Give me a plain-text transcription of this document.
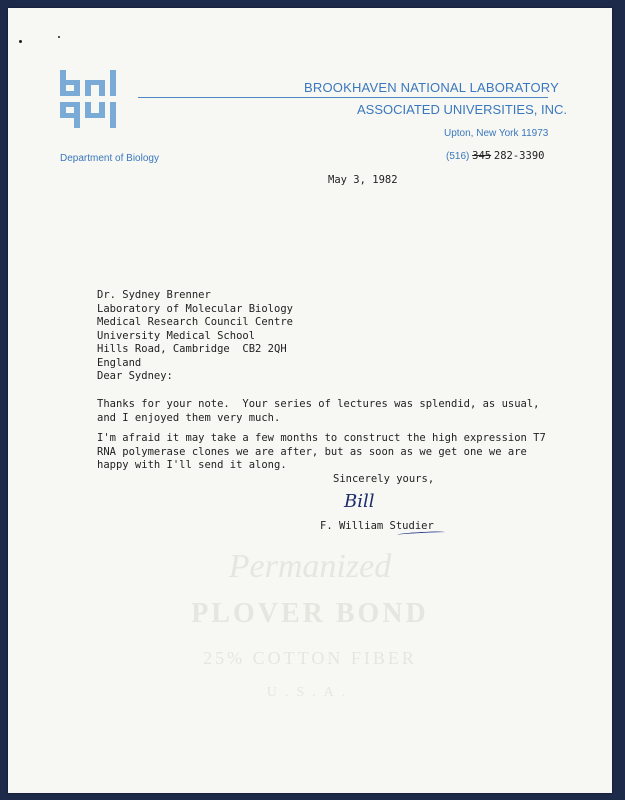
BROOKHAVEN NATIONAL LABORATORY
ASSOCIATED UNIVERSITIES, INC.
Upton, New York 11973
Department of Biology	(516) 345 282-3390
May 3, 1982
Dr. Sydney Brenner
Laboratory of Molecular Biology
Medical Research Council Centre
University Medical School
Hills Road, Cambridge  CB2 2QH
England
Dear Sydney:
Thanks for your note.  Your series of lectures was splendid, as usual,
and I enjoyed them very much.
I'm afraid it may take a few months to construct the high expression T7
RNA polymerase clones we are after, but as soon as we get one we are
happy with I'll send it along.
Sincerely yours,
Bill
F. William Studier
Permanized
PLOVER BOND
25% COTTON FIBER
U.S.A.
